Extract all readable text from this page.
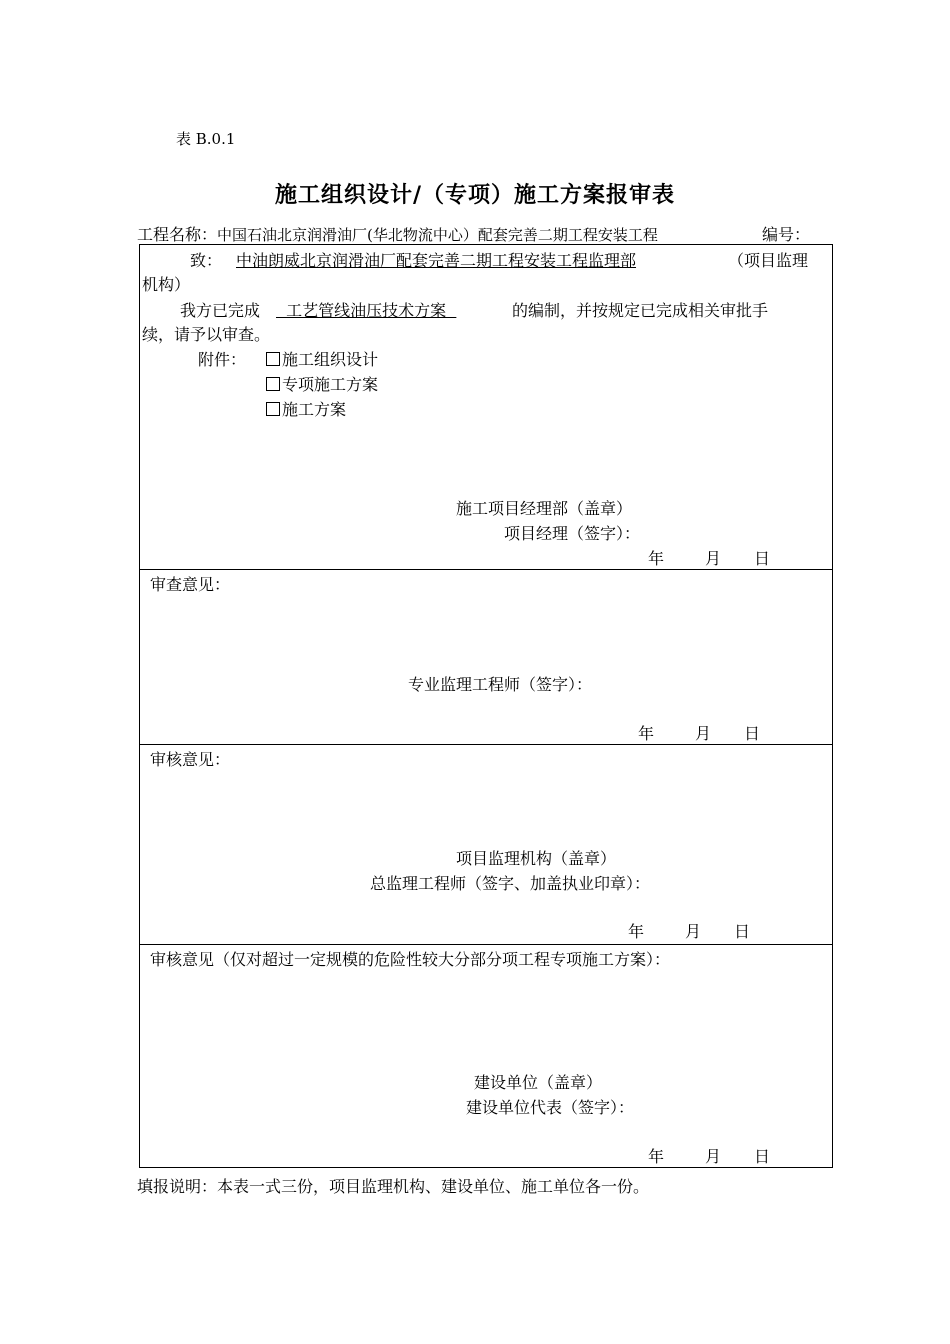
表 B.0.1
施工组织设计/（专项）施工方案报审表
工程名称：中国石油北京润滑油厂(华北物流中心）配套完善二期工程安装工程	编号：
致： 中油朗威北京润滑油厂配套完善二期工程安装工程监理部	（项目监理
机构）
我方已完成 工艺管线油压技术方案	的编制，并按规定已完成相关审批手
续，请予以审查。
附件：	施工组织设计
专项施工方案
施工方案
施工项目经理部（盖章）
项目经理（签字）：
年	月 日
审查意见：
专业监理工程师（签字）：
年	月 日
审核意见：
项目监理机构（盖章）
总监理工程师（签字、加盖执业印章）：
年	月 日
审核意见（仅对超过一定规模的危险性较大分部分项工程专项施工方案）：
建设单位（盖章）
建设单位代表（签字）：
年	月 日
填报说明：本表一式三份，项目监理机构、建设单位、施工单位各一份。
